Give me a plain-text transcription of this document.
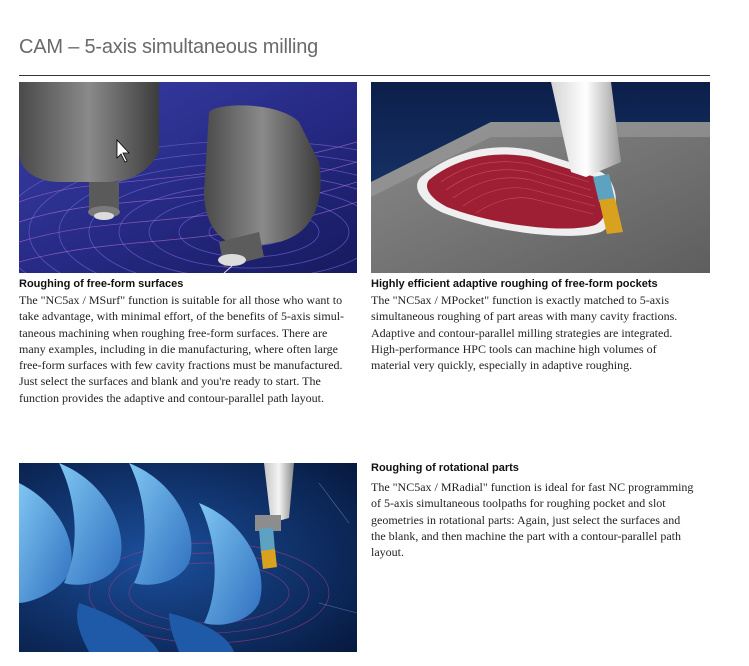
CAM – 5-axis simultaneous milling
Roughing of free-form surfaces
The "NC5ax / MSurf" function is suitable for all those who want to
take advantage, with minimal effort, of the benefits of 5-axis simul-
taneous machining when roughing free-form surfaces. There are
many examples, including in die manufacturing, where often large
free-form surfaces with few cavity fractions must be manufactured.
Just select the surfaces and blank and you're ready to start. The
function provides the adaptive and contour-parallel path layout.
Highly efficient adaptive roughing of free-form pockets
The "NC5ax / MPocket" function is exactly matched to 5-axis
simultaneous roughing of part areas with many cavity fractions.
Adaptive and contour-parallel milling strategies are integrated.
High-performance HPC tools can machine high volumes of
material very quickly, especially in adaptive roughing.
Roughing of rotational parts
The "NC5ax / MRadial" function is ideal for fast NC programming
of 5-axis simultaneous toolpaths for roughing pocket and slot
geometries in rotational parts: Again, just select the surfaces and
the blank, and then machine the part with a contour-parallel path
layout.
